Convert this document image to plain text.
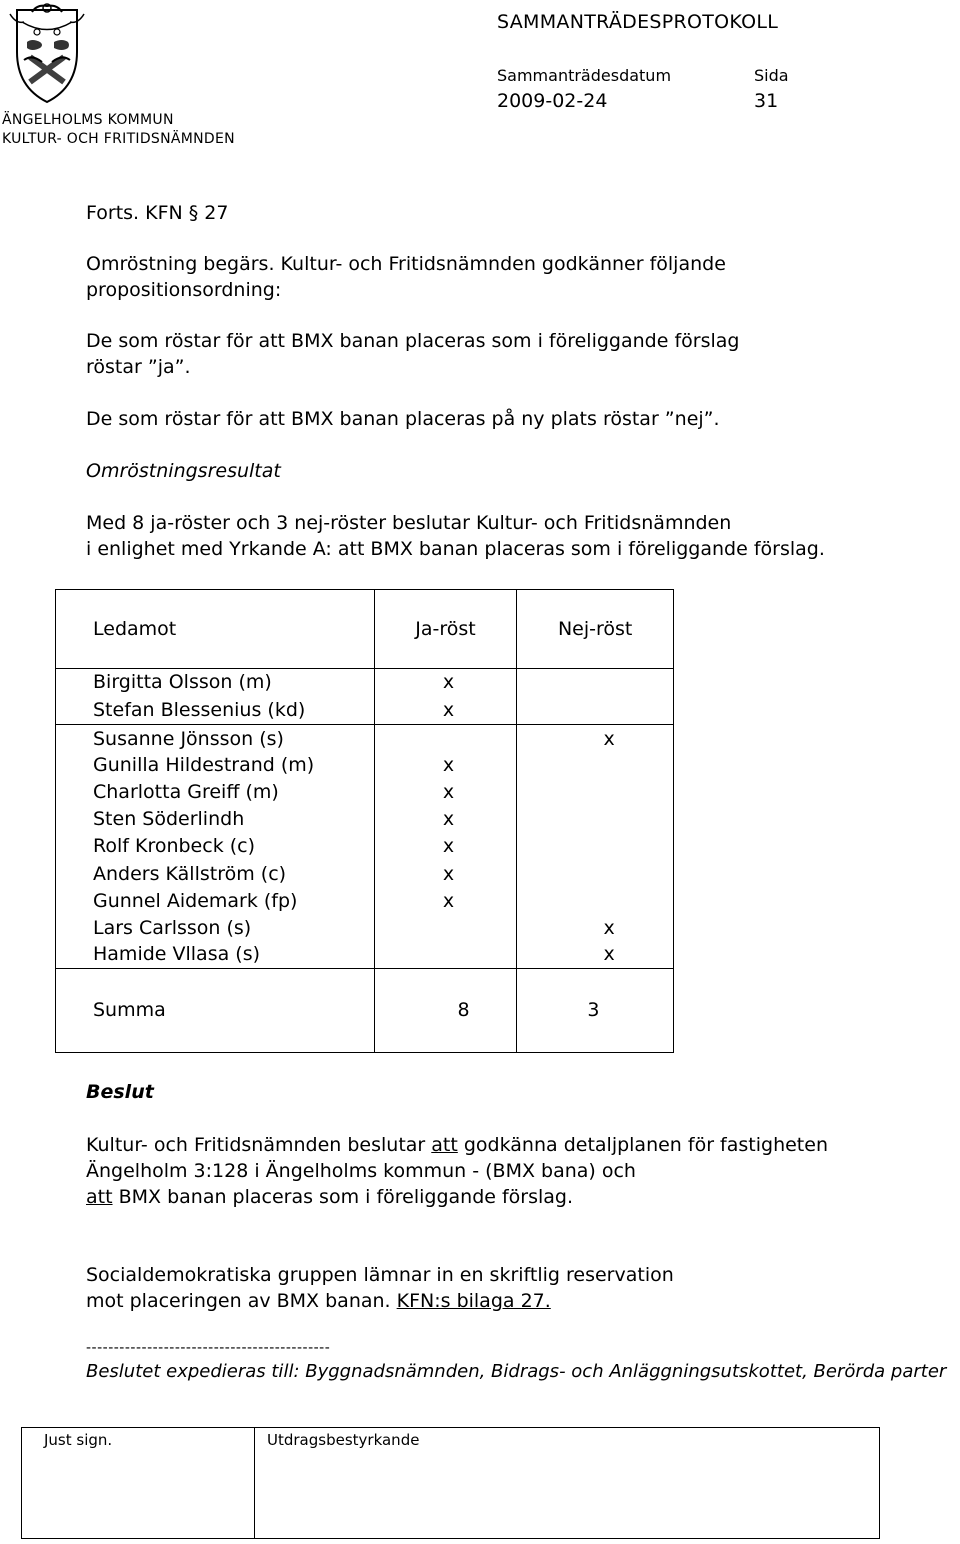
ÄNGELHOLMS KOMMUN
KULTUR- OCH FRITIDSNÄMNDEN
SAMMANTRÄDESPROTOKOLL
Sammanträdesdatum	Sida
2009-02-24	31
Forts. KFN § 27
Omröstning begärs. Kultur- och Fritidsnämnden godkänner följande
propositionsordning:
De som röstar för att BMX banan placeras som i föreliggande förslag
röstar ”ja”.
De som röstar för att BMX banan placeras på ny plats röstar ”nej”.
Omröstningsresultat
Med 8 ja-röster och 3 nej-röster beslutar Kultur- och Fritidsnämnden
i enlighet med Yrkande A: att BMX banan placeras som i föreliggande förslag.
Ledamot	Ja-röst	Nej-röst
Birgitta Olsson (m)	x	
Stefan Blessenius (kd)	x	
Susanne Jönsson (s)		x
Gunilla Hildestrand (m)	x	
Charlotta Greiff (m)	x	
Sten Söderlindh	x	
Rolf Kronbeck (c)	x	
Anders Källström (c)	x	
Gunnel Aidemark (fp)	x	
Lars Carlsson (s)		x
Hamide Vllasa (s)		x
Summa	8	3
Beslut
Kultur- och Fritidsnämnden beslutar att godkänna detaljplanen för fastigheten
Ängelholm 3:128 i Ängelholms kommun - (BMX bana) och
att BMX banan placeras som i föreliggande förslag.
Socialdemokratiska gruppen lämnar in en skriftlig reservation
mot placeringen av BMX banan. KFN:s bilaga 27.
--------------------------------------------
Beslutet expedieras till: Byggnadsnämnden, Bidrags- och Anläggningsutskottet, Berörda parter
Just sign.	Utdragsbestyrkande
